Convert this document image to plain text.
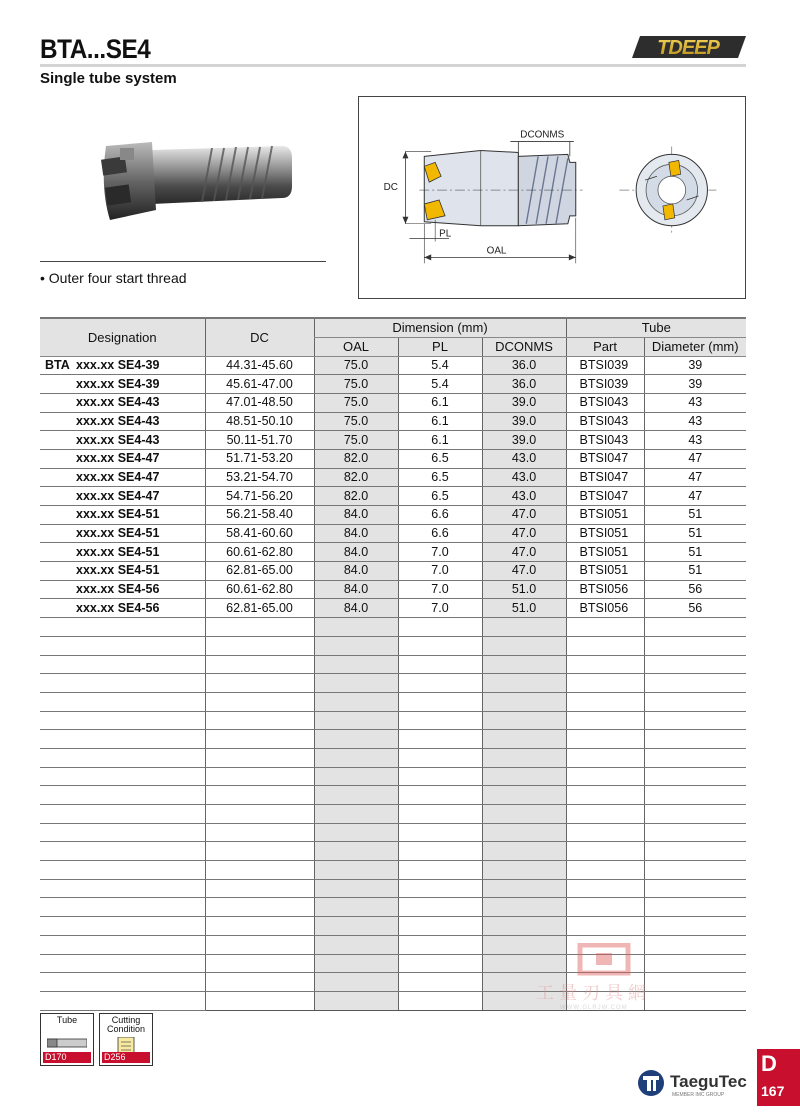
BTA...SE4
Single tube system
TDEEP
• Outer four start thread
DCONMS
DC
PL
OAL
Designation	DC	Dimension (mm)			Tube	
		OAL	PL	DCONMS	Part	Diameter (mm)
BTA xxx.xx SE4-39	44.31-45.60	75.0	5.4	36.0	BTSI039	39
xxx.xx SE4-39	45.61-47.00	75.0	5.4	36.0	BTSI039	39
xxx.xx SE4-43	47.01-48.50	75.0	6.1	39.0	BTSI043	43
xxx.xx SE4-43	48.51-50.10	75.0	6.1	39.0	BTSI043	43
xxx.xx SE4-43	50.11-51.70	75.0	6.1	39.0	BTSI043	43
xxx.xx SE4-47	51.71-53.20	82.0	6.5	43.0	BTSI047	47
xxx.xx SE4-47	53.21-54.70	82.0	6.5	43.0	BTSI047	47
xxx.xx SE4-47	54.71-56.20	82.0	6.5	43.0	BTSI047	47
xxx.xx SE4-51	56.21-58.40	84.0	6.6	47.0	BTSI051	51
xxx.xx SE4-51	58.41-60.60	84.0	6.6	47.0	BTSI051	51
xxx.xx SE4-51	60.61-62.80	84.0	7.0	47.0	BTSI051	51
xxx.xx SE4-51	62.81-65.00	84.0	7.0	47.0	BTSI051	51
xxx.xx SE4-56	60.61-62.80	84.0	7.0	51.0	BTSI056	56
xxx.xx SE4-56	62.81-65.00	84.0	7.0	51.0	BTSI056	56

Tube
D170
Cutting
Condition
D256
工量刃具網
WWW.GLRJW.COM
TaeguTec
MEMBER IMC GROUP
D
167
